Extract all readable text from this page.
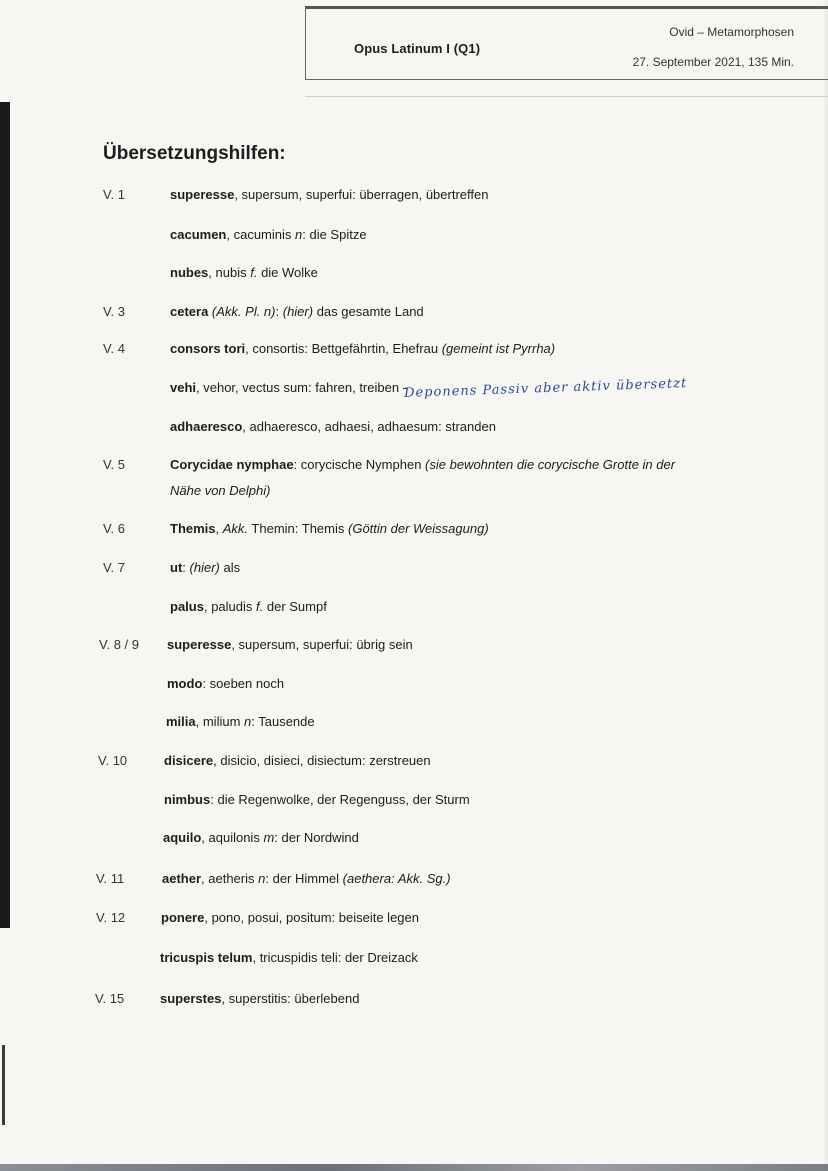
Opus Latinum I (Q1)
Ovid – Metamorphosen
27. September 2021, 135 Min.
Übersetzungshilfen:
V. 1	superesse, supersum, superfui: überragen, übertreffen
cacumen, cacuminis n: die Spitze
nubes, nubis f. die Wolke
V. 3	cetera (Akk. Pl. n): (hier) das gesamte Land
V. 4	consors tori, consortis: Bettgefährtin, Ehefrau (gemeint ist Pyrrha)
vehi, vehor, vectus sum: fahren, treiben -
Deponens Passiv aber aktiv übersetzt
adhaeresco, adhaeresco, adhaesi, adhaesum: stranden
V. 5	Corycidae nymphae: corycische Nymphen (sie bewohnten die corycische Grotte in der
Nähe von Delphi)
V. 6	Themis, Akk. Themin: Themis (Göttin der Weissagung)
V. 7	ut: (hier) als
palus, paludis f. der Sumpf
V. 8 / 9 superesse, supersum, superfui: übrig sein
modo: soeben noch
milia, milium n: Tausende
V. 10	disicere, disicio, disieci, disiectum: zerstreuen
nimbus: die Regenwolke, der Regenguss, der Sturm
aquilo, aquilonis m: der Nordwind
V. 11	aether, aetheris n: der Himmel (aethera: Akk. Sg.)
V. 12	ponere, pono, posui, positum: beiseite legen
tricuspis telum, tricuspidis teli: der Dreizack
V. 15	superstes, superstitis: überlebend
